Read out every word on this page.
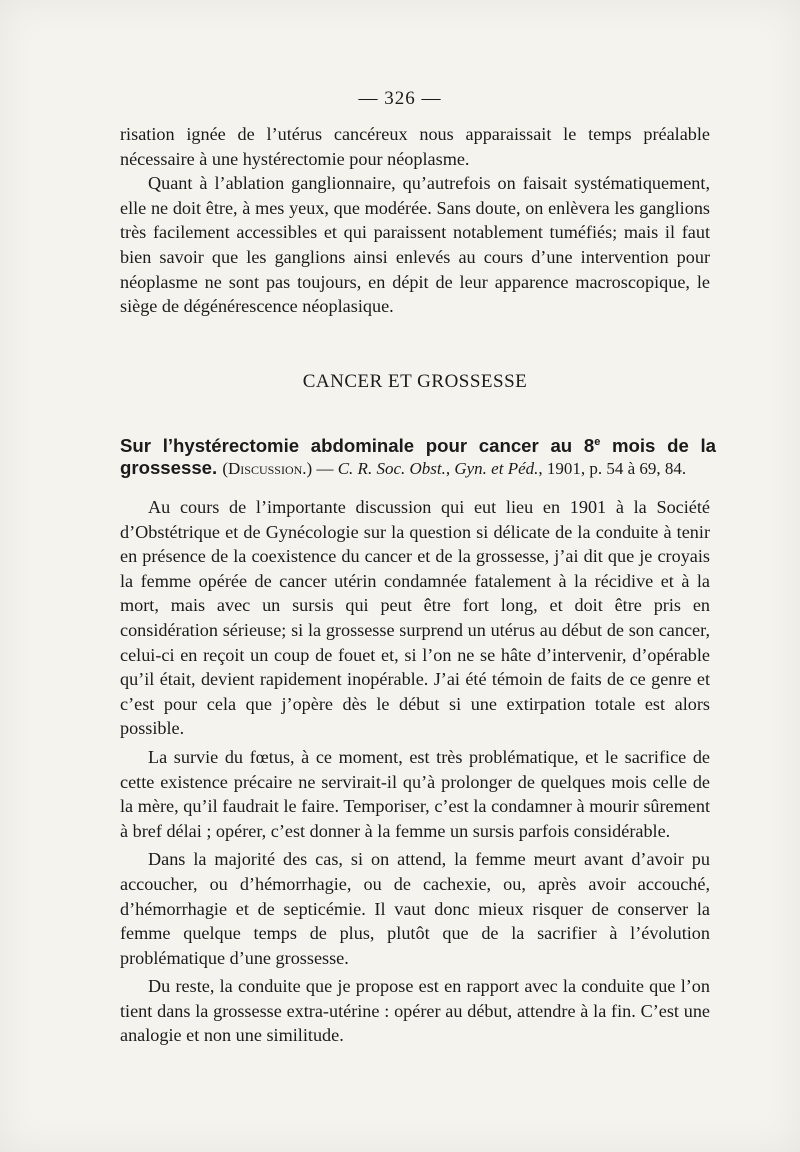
— 326 —

risation ignée de l’utérus cancéreux nous apparaissait le temps préalable nécessaire à une hystérectomie pour néoplasme.

Quant à l’ablation ganglionnaire, qu’autrefois on faisait systématiquement, elle ne doit être, à mes yeux, que modérée. Sans doute, on enlèvera les ganglions très facilement accessibles et qui paraissent notablement tuméfiés; mais il faut bien savoir que les ganglions ainsi enlevés au cours d’une intervention pour néoplasme ne sont pas toujours, en dépit de leur apparence macroscopique, le siège de dégénérescence néoplasique.

CANCER ET GROSSESSE
Sur l’hystérectomie abdominale pour cancer au 8e mois de la grossesse. (Discussion.) — C. R. Soc. Obst., Gyn. et Péd., 1901, p. 54 à 69, 84.

Au cours de l’importante discussion qui eut lieu en 1901 à la Société d’Obstétrique et de Gynécologie sur la question si délicate de la conduite à tenir en présence de la coexistence du cancer et de la grossesse, j’ai dit que je croyais la femme opérée de cancer utérin condamnée fatalement à la récidive et à la mort, mais avec un sursis qui peut être fort long, et doit être pris en considération sérieuse; si la grossesse surprend un utérus au début de son cancer, celui-ci en reçoit un coup de fouet et, si l’on ne se hâte d’intervenir, d’opérable qu’il était, devient rapidement inopérable. J’ai été témoin de faits de ce genre et c’est pour cela que j’opère dès le début si une extirpation totale est alors possible.

La survie du fœtus, à ce moment, est très problématique, et le sacrifice de cette existence précaire ne servirait-il qu’à prolonger de quelques mois celle de la mère, qu’il faudrait le faire. Temporiser, c’est la condamner à mourir sûrement à bref délai ; opérer, c’est donner à la femme un sursis parfois considérable.

Dans la majorité des cas, si on attend, la femme meurt avant d’avoir pu accoucher, ou d’hémorrhagie, ou de cachexie, ou, après avoir accouché, d’hémorrhagie et de septicémie. Il vaut donc mieux risquer de conserver la femme quelque temps de plus, plutôt que de la sacrifier à l’évolution problématique d’une grossesse.

Du reste, la conduite que je propose est en rapport avec la conduite que l’on tient dans la grossesse extra-utérine : opérer au début, attendre à la fin. C’est une analogie et non une similitude.
